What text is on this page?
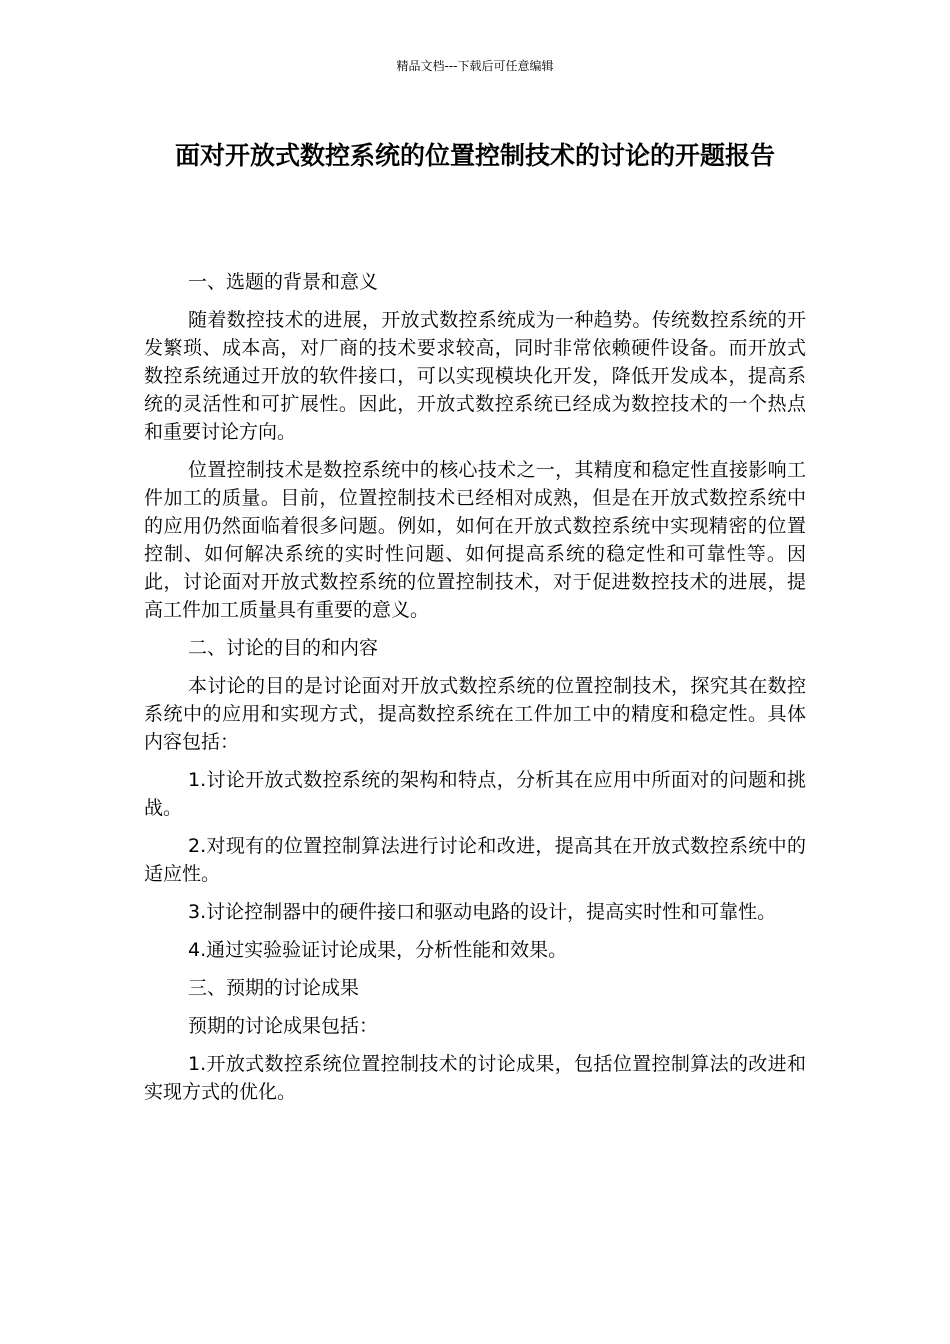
精品文档---下载后可任意编辑
面对开放式数控系统的位置控制技术的讨论的开题报告

一、选题的背景和意义

随着数控技术的进展，开放式数控系统成为一种趋势。传统数控系统的开发繁琐、成本高，对厂商的技术要求较高，同时非常依赖硬件设备。而开放式数控系统通过开放的软件接口，可以实现模块化开发，降低开发成本，提高系统的灵活性和可扩展性。因此，开放式数控系统已经成为数控技术的一个热点和重要讨论方向。

位置控制技术是数控系统中的核心技术之一，其精度和稳定性直接影响工件加工的质量。目前，位置控制技术已经相对成熟，但是在开放式数控系统中的应用仍然面临着很多问题。例如，如何在开放式数控系统中实现精密的位置控制、如何解决系统的实时性问题、如何提高系统的稳定性和可靠性等。因此，讨论面对开放式数控系统的位置控制技术，对于促进数控技术的进展，提高工件加工质量具有重要的意义。

二、讨论的目的和内容

本讨论的目的是讨论面对开放式数控系统的位置控制技术，探究其在数控系统中的应用和实现方式，提高数控系统在工件加工中的精度和稳定性。具体内容包括：

1.讨论开放式数控系统的架构和特点，分析其在应用中所面对的问题和挑战。

2.对现有的位置控制算法进行讨论和改进，提高其在开放式数控系统中的适应性。

3.讨论控制器中的硬件接口和驱动电路的设计，提高实时性和可靠性。

4.通过实验验证讨论成果，分析性能和效果。

三、预期的讨论成果

预期的讨论成果包括：

1.开放式数控系统位置控制技术的讨论成果，包括位置控制算法的改进和实现方式的优化。
